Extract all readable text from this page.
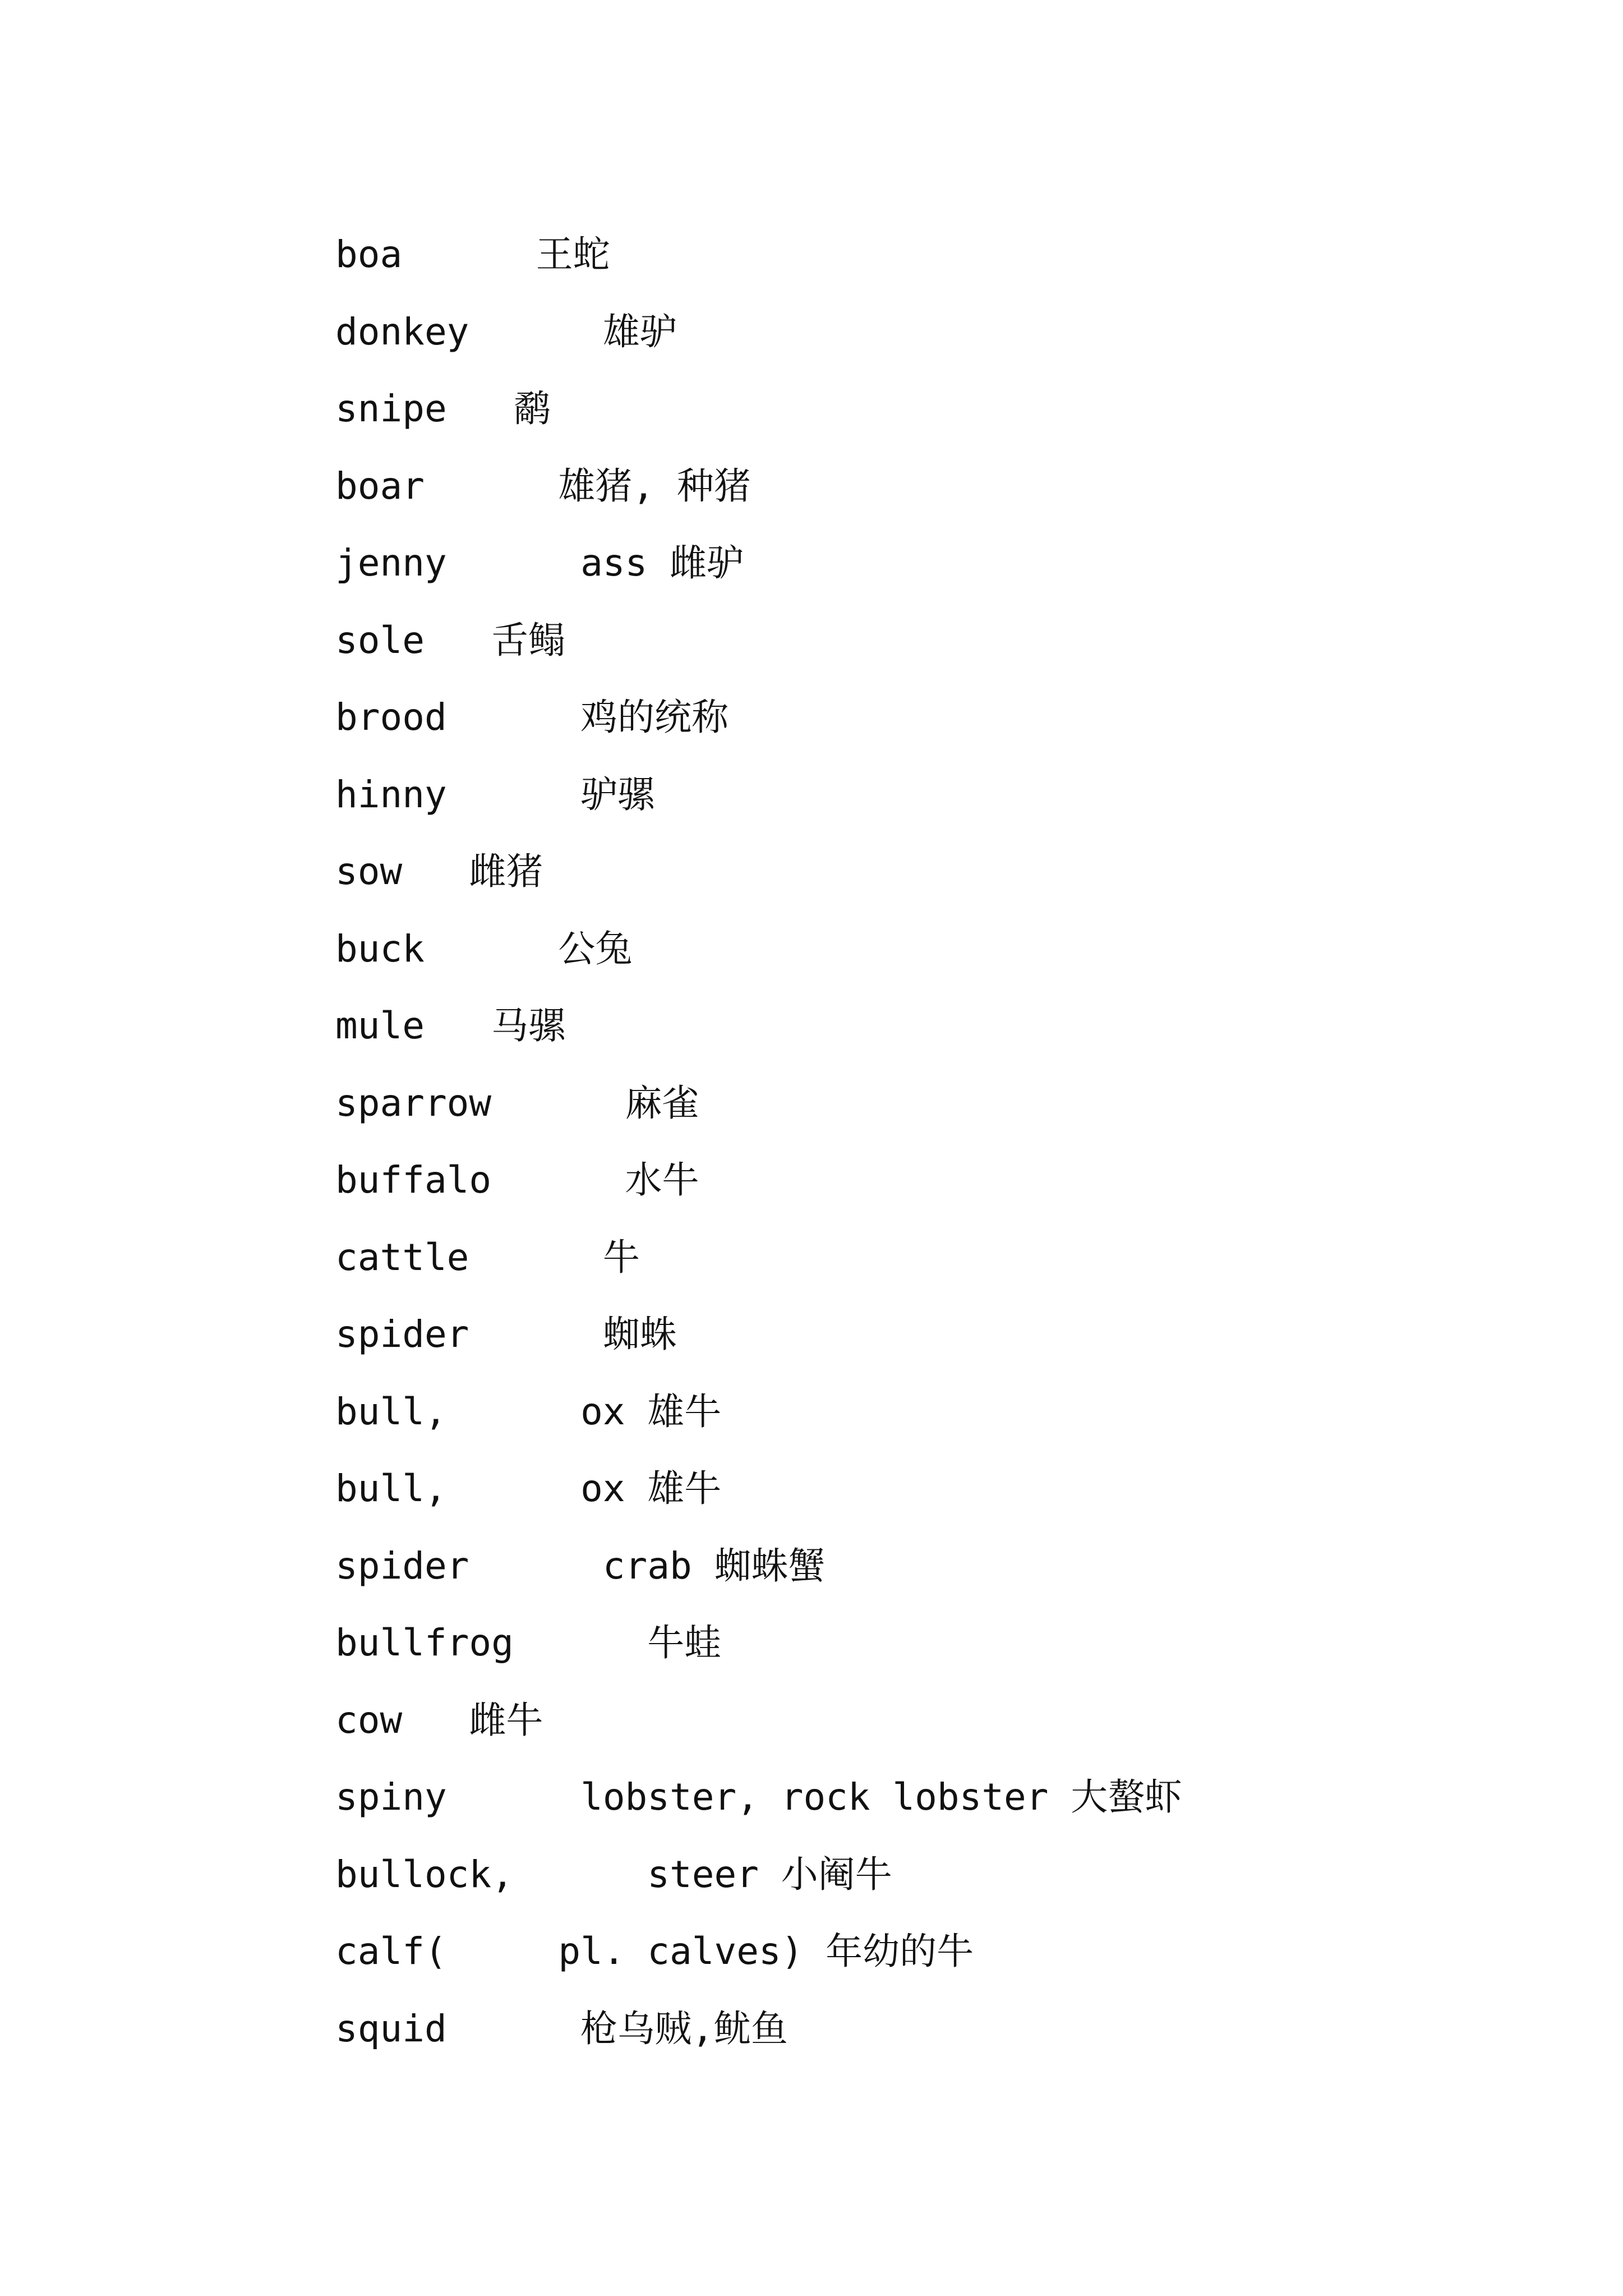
boa      王蛇
donkey      雄驴
snipe   鹬
boar      雄猪, 种猪
jenny      ass 雌驴
sole   舌鳎
brood      鸡的统称
hinny      驴骡
sow   雌猪
buck      公兔
mule   马骡
sparrow      麻雀
buffalo      水牛
cattle      牛
spider      蜘蛛
bull,      ox 雄牛
bull,      ox 雄牛
spider      crab 蜘蛛蟹
bullfrog      牛蛙
cow   雌牛
spiny      lobster, rock lobster 大螯虾
bullock,      steer 小阉牛
calf(     pl. calves) 年幼的牛
squid      枪乌贼,鱿鱼
